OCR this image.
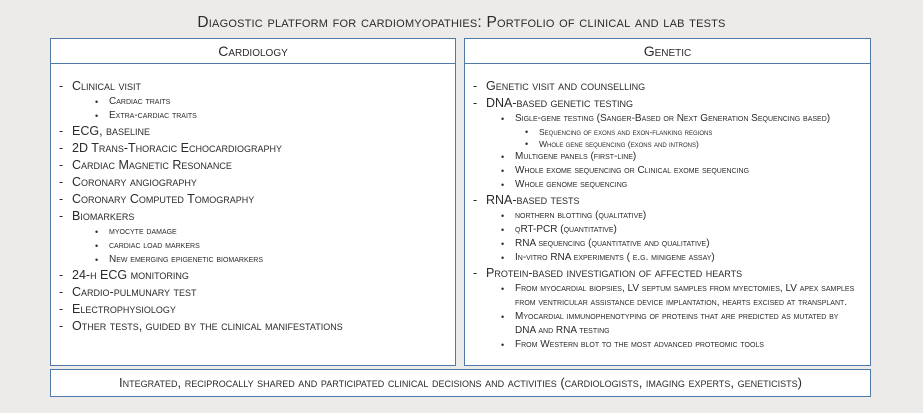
Diagostic platform for cardiomyopathies: Portfolio of clinical and lab tests
Cardiology
- Clinical visit
•	Cardiac traits
•	Extra-cardiac traits
- ECG, baseline
- 2D Trans-Thoracic Echocardiography
- Cardiac Magnetic Resonance
- Coronary angiography
- Coronary Computed Tomography
- Biomarkers
•	myocyte damage
•	cardiac load markers
•	New emerging epigenetic biomarkers
- 24-h ECG monitoring
- Cardio-pulmunary test
- Electrophysiology
- Other tests, guided by the clinical manifestations
Genetic
- Genetic visit and counselling
- DNA-based genetic testing
•	Sigle-gene testing (Sanger-Based or Next Generation Sequencing based)
•	Sequencing of exons and exon-flanking regions
•	Whole gene sequencing (exons and introns)
•	Multigene panels (first-line)
•	Whole exome sequencing or Clinical exome sequencing
•	Whole genome sequencing
- RNA-based tests
•	northern blotting (qualitative)
•	qRT-PCR (quantitative)
•	RNA sequencing (quantitative and qualitative)
•	In-vitro RNA experiments ( e.g. minigene assay)
- Protein-based investigation of affected hearts
•	From myocardial biopsies, LV septum samples from myectomies, LV apex samples from ventricular assistance device implantation, hearts excised at transplant.
•	Myocardial immunophenotyping of proteins that are predicted as mutated by DNA and RNA testing
•	From Western blot to the most advanced proteomic tools
Integrated, reciprocally shared and participated clinical decisions and activities (cardiologists, imaging experts, geneticists)
